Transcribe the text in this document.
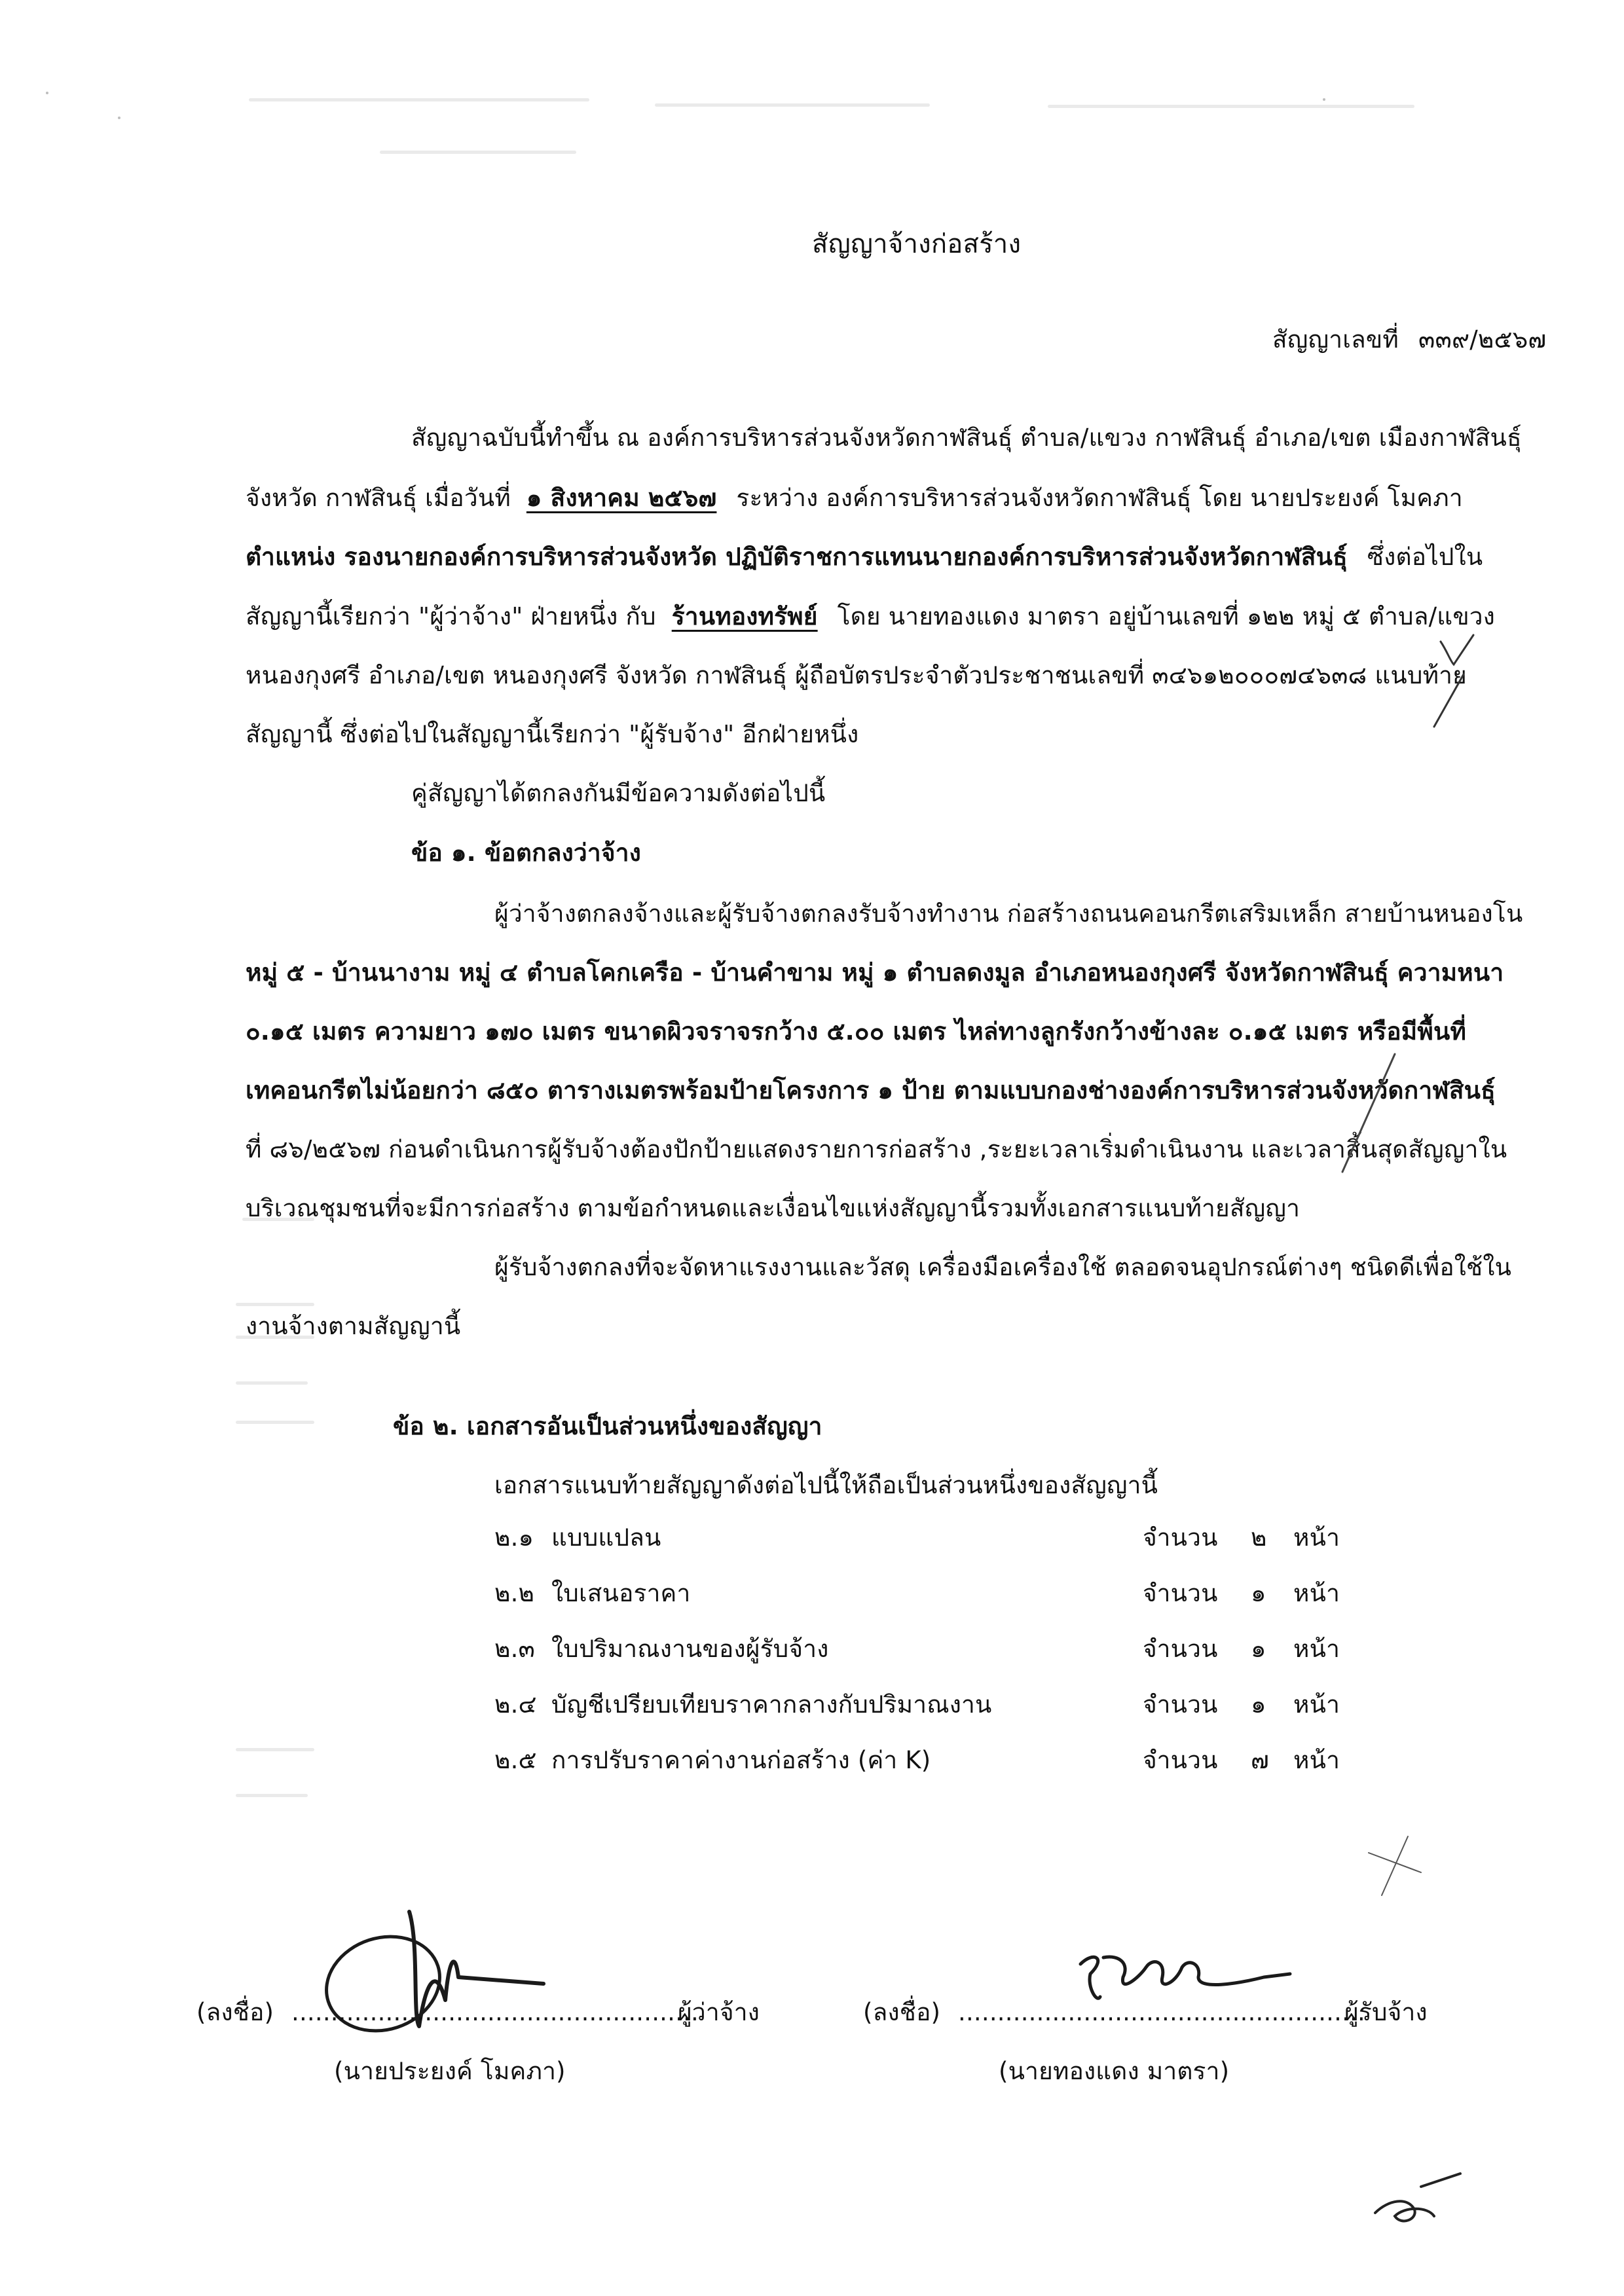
สัญญาจ้างก่อสร้าง
สัญญาเลขที่ ๓๓๙/๒๕๖๗
สัญญาฉบับนี้ทำขึ้น ณ องค์การบริหารส่วนจังหวัดกาฬสินธุ์ ตำบล/แขวง กาฬสินธุ์ อำเภอ/เขต เมืองกาฬสินธุ์
จังหวัด กาฬสินธุ์ เมื่อวันที่ ๑ สิงหาคม ๒๕๖๗ ระหว่าง องค์การบริหารส่วนจังหวัดกาฬสินธุ์ โดย นายประยงค์ โมคภา
ตำแหน่ง รองนายกองค์การบริหารส่วนจังหวัด ปฏิบัติราชการแทนนายกองค์การบริหารส่วนจังหวัดกาฬสินธุ์ ซึ่งต่อไปใน
สัญญานี้เรียกว่า "ผู้ว่าจ้าง" ฝ่ายหนึ่ง กับ ร้านทองทรัพย์ โดย นายทองแดง มาตรา อยู่บ้านเลขที่ ๑๒๒ หมู่ ๕ ตำบล/แขวง
หนองกุงศรี อำเภอ/เขต หนองกุงศรี จังหวัด กาฬสินธุ์ ผู้ถือบัตรประจำตัวประชาชนเลขที่ ๓๔๖๑๒๐๐๐๗๔๖๓๘ แนบท้าย
สัญญานี้ ซึ่งต่อไปในสัญญานี้เรียกว่า "ผู้รับจ้าง" อีกฝ่ายหนึ่ง
คู่สัญญาได้ตกลงกันมีข้อความดังต่อไปนี้
ข้อ ๑. ข้อตกลงว่าจ้าง
ผู้ว่าจ้างตกลงจ้างและผู้รับจ้างตกลงรับจ้างทำงาน ก่อสร้างถนนคอนกรีตเสริมเหล็ก สายบ้านหนองโน
หมู่ ๕ - บ้านนางาม หมู่ ๔ ตำบลโคกเครือ - บ้านคำขาม หมู่ ๑ ตำบลดงมูล อำเภอหนองกุงศรี จังหวัดกาฬสินธุ์ ความหนา
๐.๑๕ เมตร ความยาว ๑๗๐ เมตร ขนาดผิวจราจรกว้าง ๕.๐๐ เมตร ไหล่ทางลูกรังกว้างข้างละ ๐.๑๕ เมตร หรือมีพื้นที่
เทคอนกรีตไม่น้อยกว่า ๘๕๐ ตารางเมตรพร้อมป้ายโครงการ ๑ ป้าย ตามแบบกองช่างองค์การบริหารส่วนจังหวัดกาฬสินธุ์
ที่ ๘๖/๒๕๖๗ ก่อนดำเนินการผู้รับจ้างต้องปักป้ายแสดงรายการก่อสร้าง ,ระยะเวลาเริ่มดำเนินงาน และเวลาสิ้นสุดสัญญาใน
บริเวณชุมชนที่จะมีการก่อสร้าง ตามข้อกำหนดและเงื่อนไขแห่งสัญญานี้รวมทั้งเอกสารแนบท้ายสัญญา
ผู้รับจ้างตกลงที่จะจัดหาแรงงานและวัสดุ เครื่องมือเครื่องใช้ ตลอดจนอุปกรณ์ต่างๆ ชนิดดีเพื่อใช้ใน
งานจ้างตามสัญญานี้
ข้อ ๒. เอกสารอันเป็นส่วนหนึ่งของสัญญา
เอกสารแนบท้ายสัญญาดังต่อไปนี้ให้ถือเป็นส่วนหนึ่งของสัญญานี้
๒.๑ แบบแปลน	จำนวน ๒ หน้า
๒.๒ ใบเสนอราคา	จำนวน ๑ หน้า
๒.๓ ใบปริมาณงานของผู้รับจ้าง	จำนวน ๑ หน้า
๒.๔ บัญชีเปรียบเทียบราคากลางกับปริมาณงาน	จำนวน ๑ หน้า
๒.๕ การปรับราคาค่างานก่อสร้าง (ค่า K)	จำนวน ๗ หน้า
(ลงชื่อ) ....................................................
ผู้ว่าจ้าง
(นายประยงค์ โมคภา)
(ลงชื่อ) ....................................................
ผู้รับจ้าง
(นายทองแดง มาตรา)
